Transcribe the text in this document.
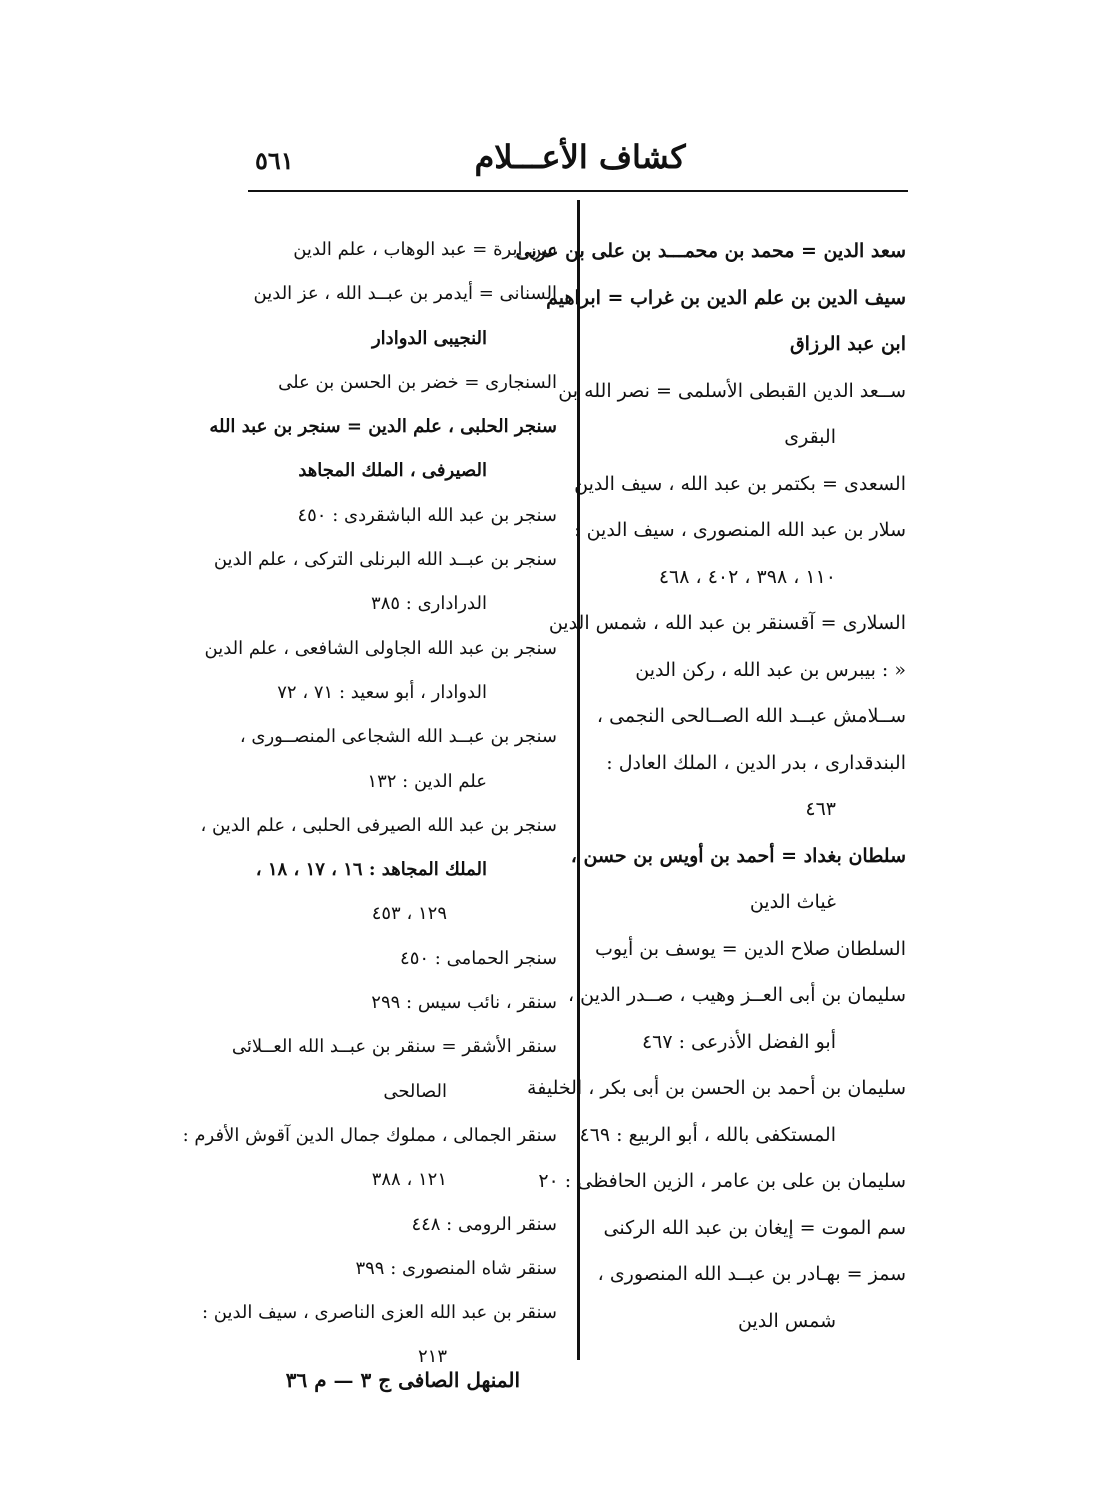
٥٦١	كشاف الأعـــلام
سعد الدين = محمد بن محمـــد بن على بن عربى
سيف الدين بن علم الدين بن غراب = ابراهيم
ابن عبد الرزاق
ســعد الدين القبطى الأسلمى = نصر الله بن
البقرى
السعدى = بكتمر بن عبد الله ، سيف الدين
سلار بن عبد الله المنصورى ، سيف الدين :
١١٠ ، ٣٩٨ ، ٤٠٢ ، ٤٦٨
السلارى = آقسنقر بن عبد الله ، شمس الدين
« : بيبرس بن عبد الله ، ركن الدين
ســلامش عبــد الله الصــالحى النجمى ،
البندقدارى ، بدر الدين ، الملك العادل :
٤٦٣
سلطان بغداد = أحمد بن أويس بن حسن ،
غياث الدين
السلطان صلاح الدين = يوسف بن أيوب
سليمان بن أبى العــز وهيب ، صــدر الدين ،
أبو الفضل الأذرعى : ٤٦٧
سليمان بن أحمد بن الحسن بن أبى بكر ، الخليفة
المستكفى بالله ، أبو الربيع : ٤٦٩
سليمان بن على بن عامر ، الزين الحافظى : ٢٠
سم الموت = إيغان بن عبد الله الركنى
سمز = بهـادر بن عبــد الله المنصورى ،
شمس الدين
سن إبرة = عبد الوهاب ، علم الدين
السنانى = أيدمر بن عبــد الله ، عز الدين
النجيبى الدوادار
السنجارى = خضر بن الحسن بن على
سنجر الحلبى ، علم الدين = سنجر بن عبد الله
الصيرفى ، الملك المجاهد
سنجر بن عبد الله الباشقردى : ٤٥٠
سنجر بن عبــد الله البرنلى التركى ، علم الدين
الدرادارى : ٣٨٥
سنجر بن عبد الله الجاولى الشافعى ، علم الدين
الدوادار ، أبو سعيد : ٧١ ، ٧٢
سنجر بن عبــد الله الشجاعى المنصــورى ،
علم الدين : ١٣٢
سنجر بن عبد الله الصيرفى الحلبى ، علم الدين ،
الملك المجاهد : ١٦ ، ١٧ ، ١٨ ،
١٢٩ ، ٤٥٣
سنجر الحمامى : ٤٥٠
سنقر ، نائب سيس : ٢٩٩
سنقر الأشقر = سنقر بن عبــد الله العــلائى
الصالحى
سنقر الجمالى ، مملوك جمال الدين آقوش الأفرم :
١٢١ ، ٣٨٨
سنقر الرومى : ٤٤٨
سنقر شاه المنصورى : ٣٩٩
سنقر بن عبد الله العزى الناصرى ، سيف الدين :
٢١٣
المنهل الصافى ج ٣ — م ٣٦
